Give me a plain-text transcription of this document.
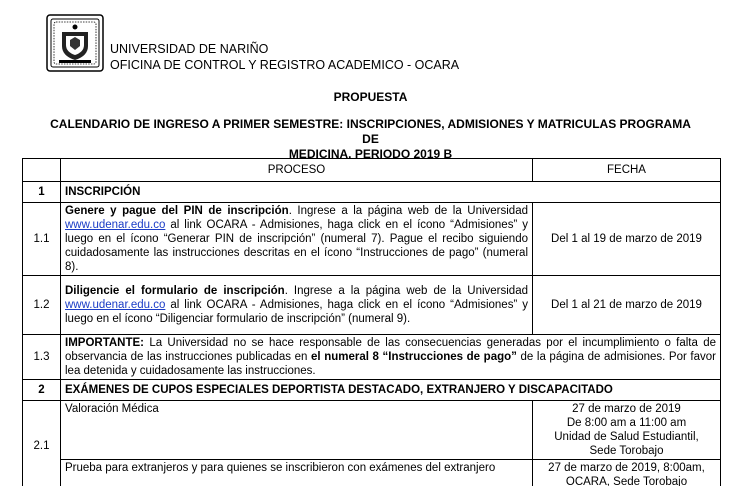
UNIVERSIDAD DE NARIÑO
OFICINA DE CONTROL Y REGISTRO ACADEMICO - OCARA
PROPUESTA
CALENDARIO DE INGRESO A PRIMER SEMESTRE: INSCRIPCIONES, ADMISIONES Y MATRICULAS PROGRAMA DE
MEDICINA. PERIODO 2019 B
	PROCESO	FECHA
1	INSCRIPCIÓN	
1.1	Genere y pague del PIN de inscripción. Ingrese a la página web de la Universidad www.udenar.edu.co al link OCARA - Admisiones, haga click en el ícono “Admisiones” y luego en el ícono “Generar PIN de inscripción” (numeral 7). Pague el recibo siguiendo cuidadosamente las instrucciones descritas en el ícono “Instrucciones de pago” (numeral 8).	Del 1 al 19 de marzo de 2019
1.2	Diligencie el formulario de inscripción. Ingrese a la página web de la Universidad www.udenar.edu.co al link OCARA - Admisiones, haga click en el ícono “Admisiones” y luego en el ícono “Diligenciar formulario de inscripción” (numeral 9).	Del 1 al 21 de marzo de 2019
1.3	IMPORTANTE: La Universidad no se hace responsable de las consecuencias generadas por el incumplimiento o falta de observancia de las instrucciones publicadas en el numeral 8 “Instrucciones de pago” de la página de admisiones. Por favor lea detenida y cuidadosamente las instrucciones.	
2	EXÁMENES DE CUPOS ESPECIALES DEPORTISTA DESTACADO, EXTRANJERO Y DISCAPACITADO	
2.1	Valoración Médica	27 de marzo de 2019
De 8:00 am a 11:00 am
Unidad de Salud Estudiantil,
Sede Torobajo

	Prueba para extranjeros y para quienes se inscribieron con exámenes del extranjero	27 de marzo de 2019, 8:00am,
OCARA, Sede Torobajo
